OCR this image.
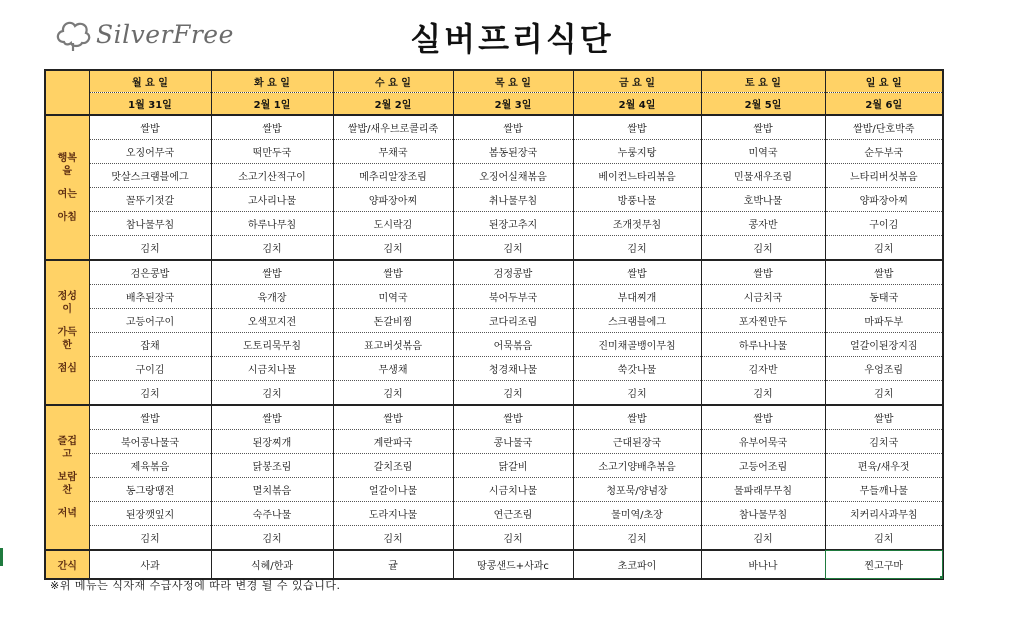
SilverFree	실버프리식단
	월 요 일	화 요 일	수 요 일	목 요 일	금 요 일	토 요 일	일 요 일
	1월 31일	2월 1일	2월 2일	2월 3일	2월 4일	2월 5일	2월 6일

행복
을
여는
아침	쌀밥	쌀밥	쌀밥/새우브로콜리죽	쌀밥	쌀밥	쌀밥	쌀밥/단호박죽
	오징어무국	떡만두국	무채국	봄동된장국	누룽지탕	미역국	순두부국
	맛살스크램블에그	소고기산적구이	메추리알장조림	오징어실채볶음	베이컨느타리볶음	민물새우조림	느타리버섯볶음
	꼴뚜기젓갈	고사리나물	양파장아찌	취나물무침	방풍나물	호박나물	양파장아찌
	참나물무침	하루나무침	도시락김	된장고추지	조개젓무침	콩자반	구이김
	김치	김치	김치	김치	김치	김치	김치

정성
이
가득
한
점심	검은콩밥	쌀밥	쌀밥	검정콩밥	쌀밥	쌀밥	쌀밥
	배추된장국	육개장	미역국	북어두부국	부대찌개	시금치국	동태국
	고등어구이	오색꼬지전	돈갈비찜	코다리조림	스크램블에그	포자찐만두	마파두부
	잡채	도토리묵무침	표고버섯볶음	어묵볶음	진미채골뱅이무침	하루나나물	얼갈이된장지짐
	구이김	시금치나물	무생채	청경채나물	쑥갓나물	김자반	우엉조림
	김치	김치	김치	김치	김치	김치	김치

즐겁
고
보람
찬
저녁	쌀밥	쌀밥	쌀밥	쌀밥	쌀밥	쌀밥	쌀밥
	북어콩나물국	된장찌개	계란파국	콩나물국	근대된장국	유부어묵국	김치국
	제육볶음	닭봉조림	갈치조림	닭갈비	소고기양배추볶음	고등어조림	편육/새우젓
	동그랑땡전	멸치볶음	얼갈이나물	시금치나물	청포묵/양념장	물파래무무침	무들깨나물
	된장깻잎지	숙주나물	도라지나물	연근조림	물미역/초장	참나물무침	치커리사과무침
	김치	김치	김치	김치	김치	김치	김치
간식	사과	식혜/한과	귤	땅콩샌드+사과c	초코파이	바나나	찐고구마
※위 메뉴는 식자재 수급사정에 따라 변경 될 수 있습니다.
